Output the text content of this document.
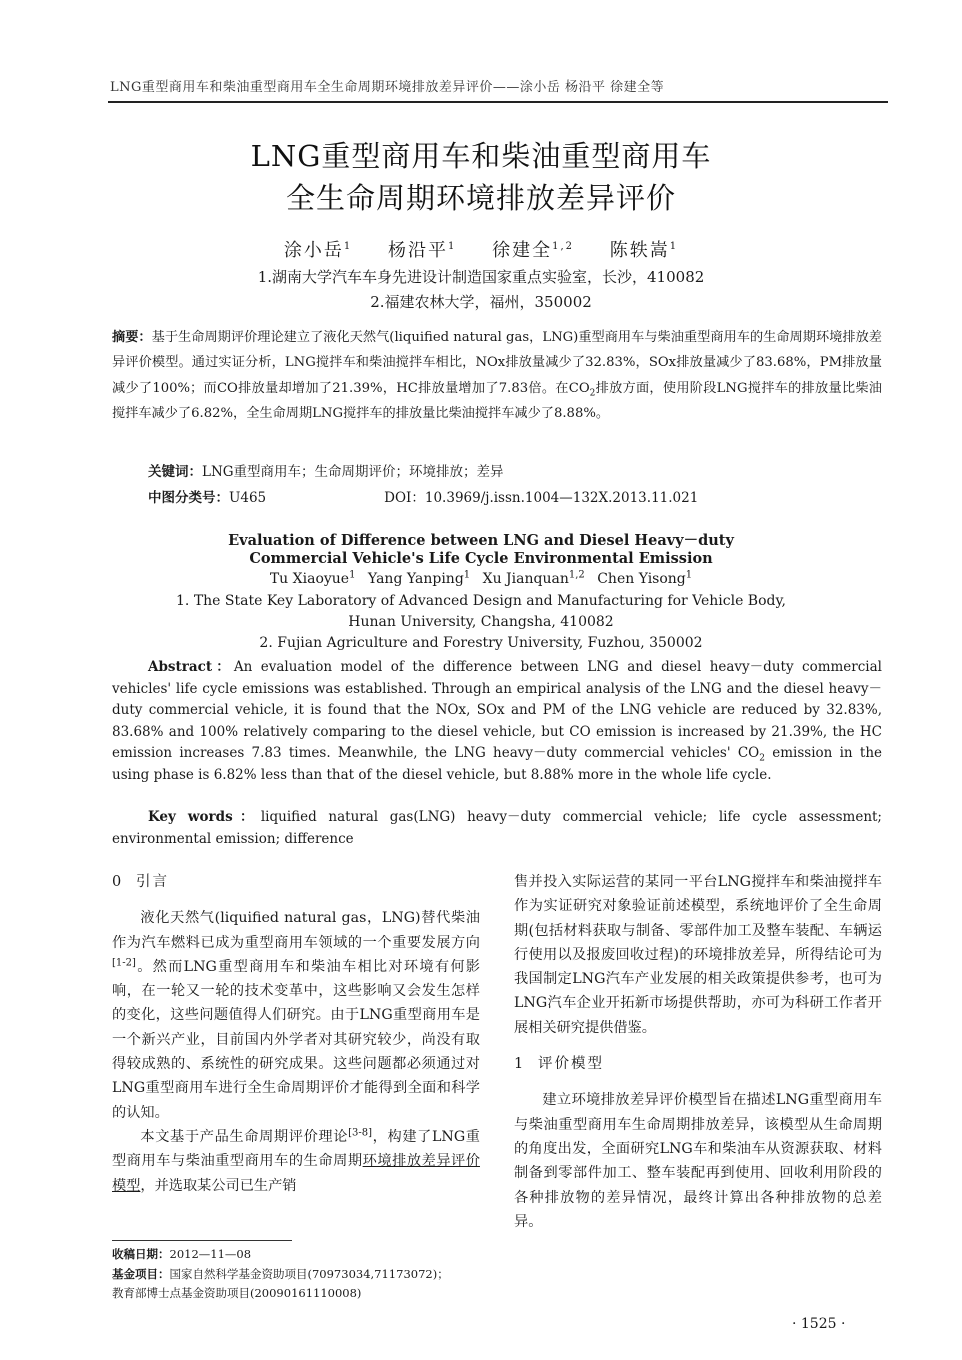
LNG重型商用车和柴油重型商用车全生命周期环境排放差异评价——涂小岳 杨沿平 徐建全等
LNG重型商用车和柴油重型商用车
全生命周期环境排放差异评价
涂小岳$^1$ 杨沿平$^1$ 徐建全$^{1,2}$ 陈轶嵩$^1$
1.湖南大学汽车车身先进设计制造国家重点实验室，长沙，410082
2.福建农林大学，福州，350002
摘要：基于生命周期评价理论建立了液化天然气(liquified natural gas，LNG)重型商用车与柴油重型商用车的生命周期环境排放差异评价模型。通过实证分析，LNG搅拌车和柴油搅拌车相比，NOx排放量减少了32.83%，SOx排放量减少了83.68%，PM排放量减少了100%；而CO排放量却增加了21.39%，HC排放量增加了7.83倍。在$CO_2$排放方面，使用阶段LNG搅拌车的排放量比柴油搅拌车减少了6.82%，全生命周期LNG搅拌车的排放量比柴油搅拌车减少了8.88%。
关键词：LNG重型商用车；生命周期评价；环境排放；差异
中图分类号：U465	DOI：10.3969/j.issn.1004—132X.2013.11.021
Evaluation of Difference between LNG and Diesel Heavy－duty
Commercial Vehicle's Life Cycle Environmental Emission
Tu Xiaoyue$^1$ Yang Yanping$^1$ Xu Jianquan$^{1,2}$ Chen Yisong$^1$
1. The State Key Laboratory of Advanced Design and Manufacturing for Vehicle Body,
Hunan University, Changsha, 410082
2. Fujian Agriculture and Forestry University, Fuzhou, 350002
Abstract：An evaluation model of the difference between LNG and diesel heavy－duty commercial vehicles' life cycle emissions was established. Through an empirical analysis of the LNG and the diesel heavy－duty commercial vehicle, it is found that the NOx, SOx and PM of the LNG vehicle are reduced by 32.83%, 83.68% and 100% relatively comparing to the diesel vehicle, but CO emission is increased by 21.39%, the HC emission increases 7.83 times. Meanwhile, the LNG heavy－duty commercial vehicles' $CO_2$ emission in the using phase is 6.82% less than that of the diesel vehicle, but 8.88% more in the whole life cycle.
Key words：liquified natural gas(LNG) heavy－duty commercial vehicle; life cycle assessment; environmental emission; difference

0 引言

液化天然气(liquified natural gas，LNG)替代柴油作为汽车燃料已成为重型商用车领域的一个重要发展方向[1-2]。然而LNG重型商用车和柴油车相比对环境有何影响，在一轮又一轮的技术变革中，这些影响又会发生怎样的变化，这些问题值得人们研究。由于LNG重型商用车是一个新兴产业，目前国内外学者对其研究较少，尚没有取得较成熟的、系统性的研究成果。这些问题都必须通过对LNG重型商用车进行全生命周期评价才能得到全面和科学的认知。

本文基于产品生命周期评价理论[3-8]，构建了LNG重型商用车与柴油重型商用车的生命周期环境排放差异评价模型，并选取某公司已生产销

售并投入实际运营的某同一平台LNG搅拌车和柴油搅拌车作为实证研究对象验证前述模型，系统地评价了全生命周期(包括材料获取与制备、零部件加工及整车装配、车辆运行使用以及报废回收过程)的环境排放差异，所得结论可为我国制定LNG汽车产业发展的相关政策提供参考，也可为LNG汽车企业开拓新市场提供帮助，亦可为科研工作者开展相关研究提供借鉴。

1 评价模型

建立环境排放差异评价模型旨在描述LNG重型商用车与柴油重型商用车生命周期排放差异，该模型从生命周期的角度出发，全面研究LNG车和柴油车从资源获取、材料制备到零部件加工、整车装配再到使用、回收利用阶段的各种排放物的差异情况，最终计算出各种排放物的总差异。

收稿日期：2012—11—08
基金项目：国家自然科学基金资助项目(70973034,71173072)；
教育部博士点基金资助项目(20090161110008)
· 1525 ·
